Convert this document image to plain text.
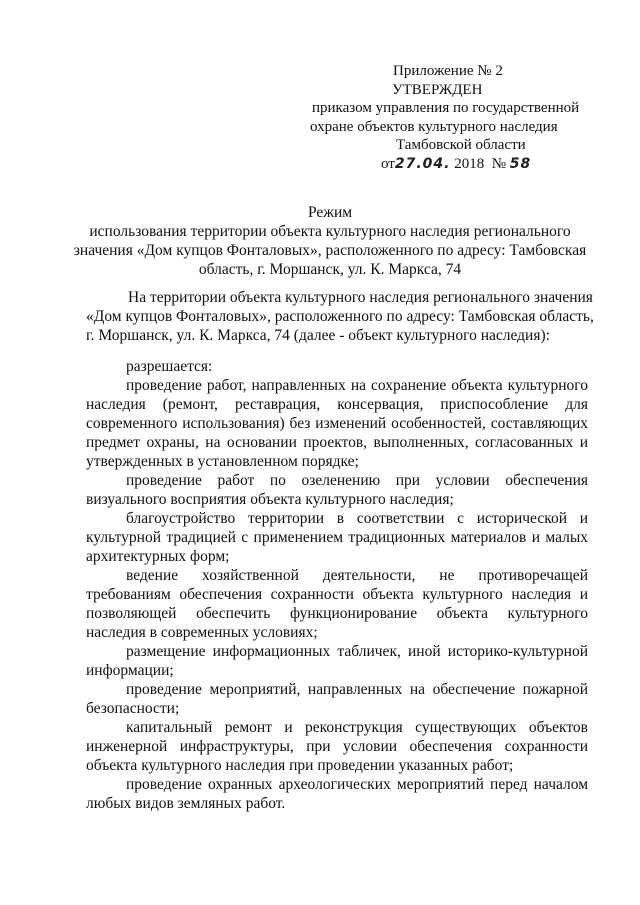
Приложение № 2
УТВЕРЖДЕН
приказом управления по государственной
охране объектов культурного наследия
Тамбовской области
от27.04. 2018 № 58
Режим
использования территории объекта культурного наследия регионального
значения «Дом купцов Фонталовых», расположенного по адресу: Тамбовская
область, г. Моршанск, ул. К. Маркса, 74
На территории объекта культурного наследия регионального значения
«Дом купцов Фонталовых», расположенного по адресу: Тамбовская область,
г. Моршанск, ул. К. Маркса, 74 (далее - объект культурного наследия):
разрешается:

проведение работ, направленных на сохранение объекта культурного наследия (ремонт, реставрация, консервация, приспособление для современного использования) без изменений особенностей, составляющих предмет охраны, на основании проектов, выполненных, согласованных и утвержденных в установленном порядке;

проведение работ по озеленению при условии обеспечения визуального восприятия объекта культурного наследия;

благоустройство территории в соответствии с исторической и культурной традицией с применением традиционных материалов и малых архитектурных форм;

ведение хозяйственной деятельности, не противоречащей требованиям обеспечения сохранности объекта культурного наследия и позволяющей обеспечить функционирование объекта культурного наследия в современных условиях;

размещение информационных табличек, иной историко-культурной информации;

проведение мероприятий, направленных на обеспечение пожарной безопасности;

капитальный ремонт и реконструкция существующих объектов инженерной инфраструктуры, при условии обеспечения сохранности объекта культурного наследия при проведении указанных работ;

проведение охранных археологических мероприятий перед началом любых видов земляных работ.
